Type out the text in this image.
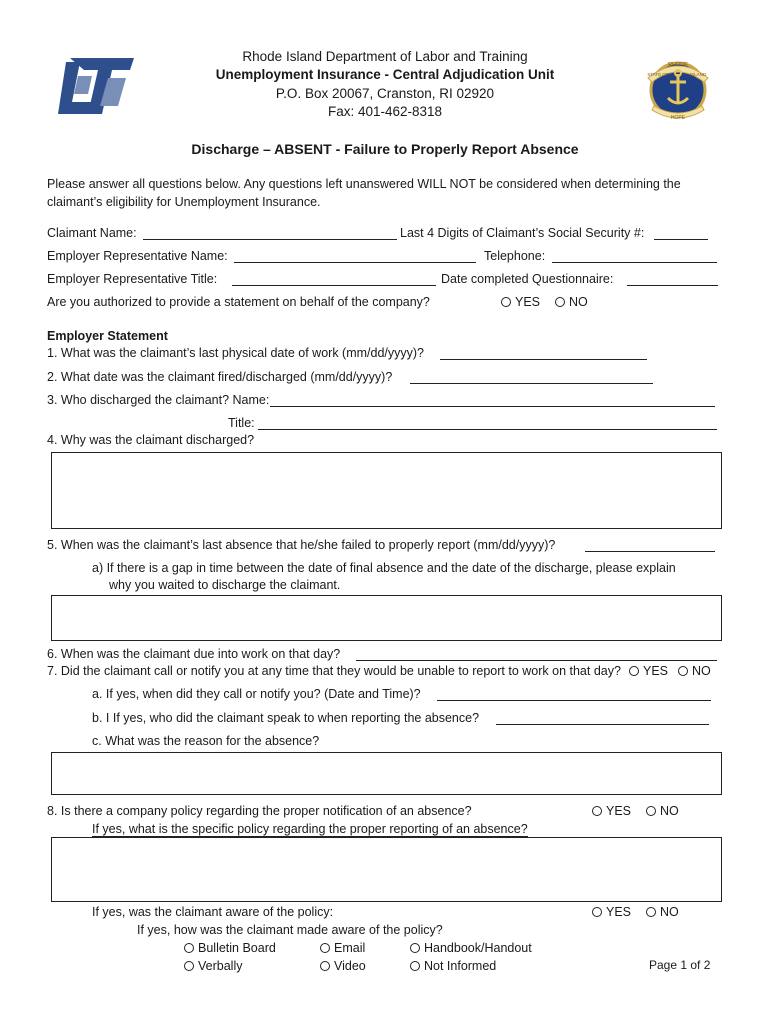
RHODE
STATE OF	ISLAND
HOPE
Rhode Island Department of Labor and Training
Unemployment Insurance - Central Adjudication Unit
P.O. Box 20067, Cranston, RI 02920
Fax: 401-462-8318
Discharge – ABSENT - Failure to Properly Report Absence
Please answer all questions below. Any questions left unanswered WILL NOT be considered when determining the
claimant’s eligibility for Unemployment Insurance.
Claimant Name:	Last 4 Digits of Claimant’s Social Security #:
Employer Representative Name:	Telephone:
Employer Representative Title:	Date completed Questionnaire:
Are you authorized to provide a statement on behalf of the company?	YES	NO
Employer Statement
1. What was the claimant’s last physical date of work (mm/dd/yyyy)?
2. What date was the claimant fired/discharged (mm/dd/yyyy)?
3. Who discharged the claimant? Name:
Title:
4. Why was the claimant discharged?
5. When was the claimant’s last absence that he/she failed to properly report (mm/dd/yyyy)?
a) If there is a gap in time between the date of final absence and the date of the discharge, please explain
why you waited to discharge the claimant.
6. When was the claimant due into work on that day?
7. Did the claimant call or notify you at any time that they would be unable to report to work on that day?	YES	NO
a. If yes, when did they call or notify you? (Date and Time)?
b. I If yes, who did the claimant speak to when reporting the absence?
c. What was the reason for the absence?
8. Is there a company policy regarding the proper notification of an absence?	YES	NO
If yes, what is the specific policy regarding the proper reporting of an absence?
If yes, was the claimant aware of the policy:	YES	NO
If yes, how was the claimant made aware of the policy?
Bulletin Board	Email	Handbook/Handout
Verbally	Video	Not Informed	Page 1 of 2
